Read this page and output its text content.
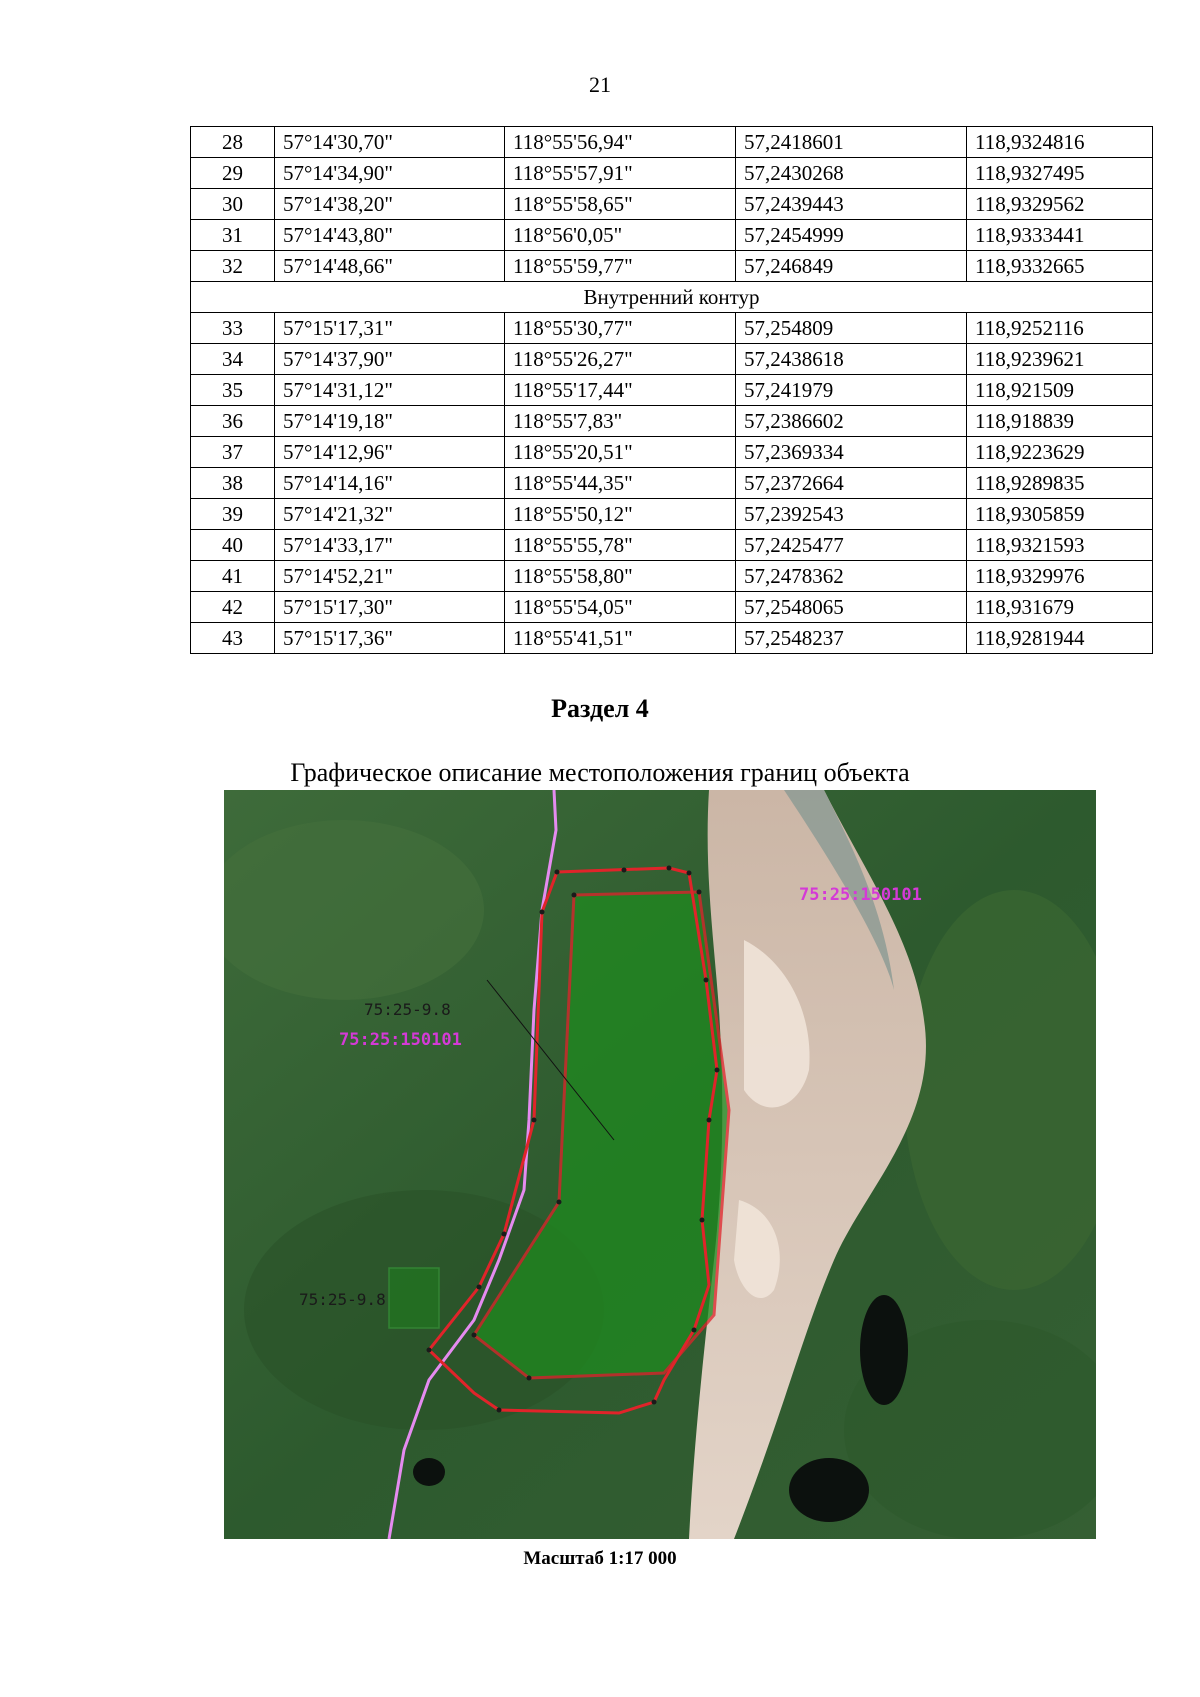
21
28	57°14'30,70"	118°55'56,94"	57,2418601	118,9324816
29	57°14'34,90"	118°55'57,91"	57,2430268	118,9327495
30	57°14'38,20"	118°55'58,65"	57,2439443	118,9329562
31	57°14'43,80"	118°56'0,05"	57,2454999	118,9333441
32	57°14'48,66"	118°55'59,77"	57,246849	118,9332665
Внутренний контур				
33	57°15'17,31"	118°55'30,77"	57,254809	118,9252116
34	57°14'37,90"	118°55'26,27"	57,2438618	118,9239621
35	57°14'31,12"	118°55'17,44"	57,241979	118,921509
36	57°14'19,18"	118°55'7,83"	57,2386602	118,918839
37	57°14'12,96"	118°55'20,51"	57,2369334	118,9223629
38	57°14'14,16"	118°55'44,35"	57,2372664	118,9289835
39	57°14'21,32"	118°55'50,12"	57,2392543	118,9305859
40	57°14'33,17"	118°55'55,78"	57,2425477	118,9321593
41	57°14'52,21"	118°55'58,80"	57,2478362	118,9329976
42	57°15'17,30"	118°55'54,05"	57,2548065	118,931679
43	57°15'17,36"	118°55'41,51"	57,2548237	118,9281944
Раздел 4
Графическое описание местоположения границ объекта
75:25:150101
75:25:150101
75:25-9.8
75:25-9.8
Масштаб 1:17 000
